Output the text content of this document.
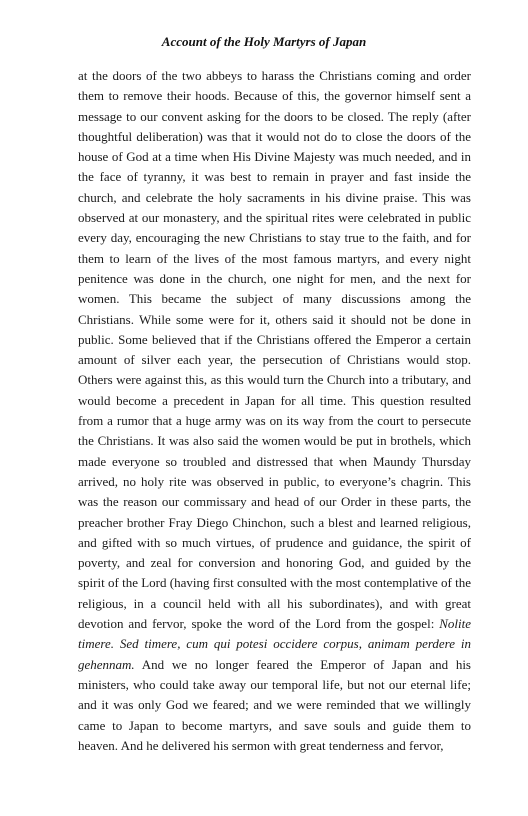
Account of the Holy Martyrs of Japan

at the doors of the two abbeys to harass the Christians coming and order them to remove their hoods. Because of this, the governor himself sent a message to our convent asking for the doors to be closed. The reply (after thoughtful deliberation) was that it would not do to close the doors of the house of God at a time when His Divine Majesty was much needed, and in the face of tyranny, it was best to remain in prayer and fast inside the church, and celebrate the holy sacraments in his divine praise. This was observed at our monastery, and the spiritual rites were celebrated in public every day, encouraging the new Christians to stay true to the faith, and for them to learn of the lives of the most famous martyrs, and every night penitence was done in the church, one night for men, and the next for women. This became the subject of many discussions among the Christians. While some were for it, others said it should not be done in public. Some believed that if the Christians offered the Emperor a certain amount of silver each year, the persecution of Christians would stop. Others were against this, as this would turn the Church into a tributary, and would become a precedent in Japan for all time. This question resulted from a rumor that a huge army was on its way from the court to persecute the Christians. It was also said the women would be put in brothels, which made everyone so troubled and distressed that when Maundy Thursday arrived, no holy rite was observed in public, to everyone’s chagrin. This was the reason our commissary and head of our Order in these parts, the preacher brother Fray Diego Chinchon, such a blest and learned religious, and gifted with so much virtues, of prudence and guidance, the spirit of poverty, and zeal for conversion and honoring God, and guided by the spirit of the Lord (having first consulted with the most contemplative of the religious, in a council held with all his subordinates), and with great devotion and fervor, spoke the word of the Lord from the gospel: Nolite timere. Sed timere, cum qui potesi occidere corpus, animam perdere in gehennam. And we no longer feared the Emperor of Japan and his ministers, who could take away our temporal life, but not our eternal life; and it was only God we feared; and we were reminded that we willingly came to Japan to become martyrs, and save souls and guide them to heaven. And he delivered his sermon with great tenderness and fervor,
